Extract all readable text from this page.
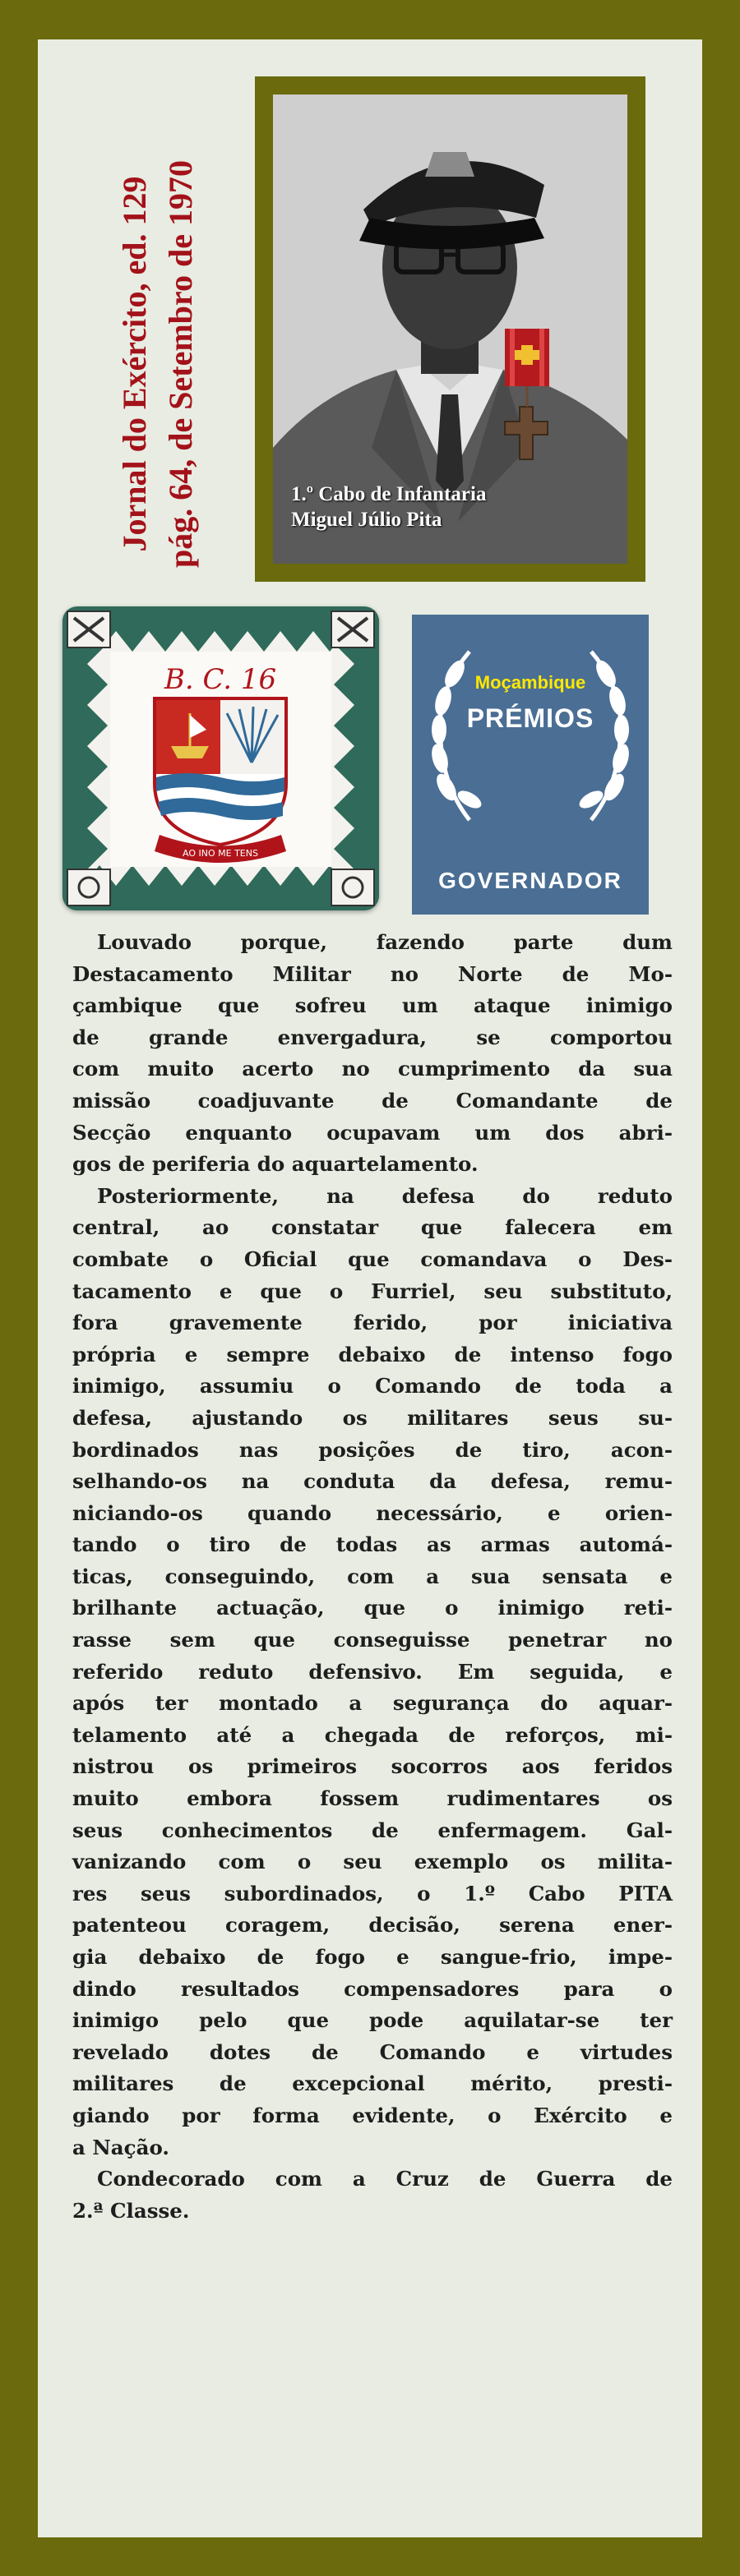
Jornal do Exército, ed. 129 pág. 64, de Setembro de 1970	1.º Cabo de Infantaria
Miguel Júlio Pita
B. C. 16
AO INO ME TENS
Moçambique
PRÉMIOS
GOVERNADOR
Louvado porque, fazendo parte dum
Destacamento Militar no Norte de Mo-
çambique que sofreu um ataque inimigo
de grande envergadura, se comportou
com muito acerto no cumprimento da sua
missão coadjuvante de Comandante de
Secção enquanto ocupavam um dos abri-
gos de periferia do aquartelamento.
Posteriormente, na defesa do reduto
central, ao constatar que falecera em
combate o Oficial que comandava o Des-
tacamento e que o Furriel, seu substituto,
fora gravemente ferido, por iniciativa
própria e sempre debaixo de intenso fogo
inimigo, assumiu o Comando de toda a
defesa, ajustando os militares seus su-
bordinados nas posições de tiro, acon-
selhando-os na conduta da defesa, remu-
niciando-os quando necessário, e orien-
tando o tiro de todas as armas automá-
ticas, conseguindo, com a sua sensata e
brilhante actuação, que o inimigo reti-
rasse sem que conseguisse penetrar no
referido reduto defensivo. Em seguida, e
após ter montado a segurança do aquar-
telamento até a chegada de reforços, mi-
nistrou os primeiros socorros aos feridos
muito embora fossem rudimentares os
seus conhecimentos de enfermagem. Gal-
vanizando com o seu exemplo os milita-
res seus subordinados, o 1.º Cabo PITA
patenteou coragem, decisão, serena ener-
gia debaixo de fogo e sangue-frio, impe-
dindo resultados compensadores para o
inimigo pelo que pode aquilatar-se ter
revelado dotes de Comando e virtudes
militares de excepcional mérito, presti-
giando por forma evidente, o Exército e
a Nação.
Condecorado com a Cruz de Guerra de
2.ª Classe.
